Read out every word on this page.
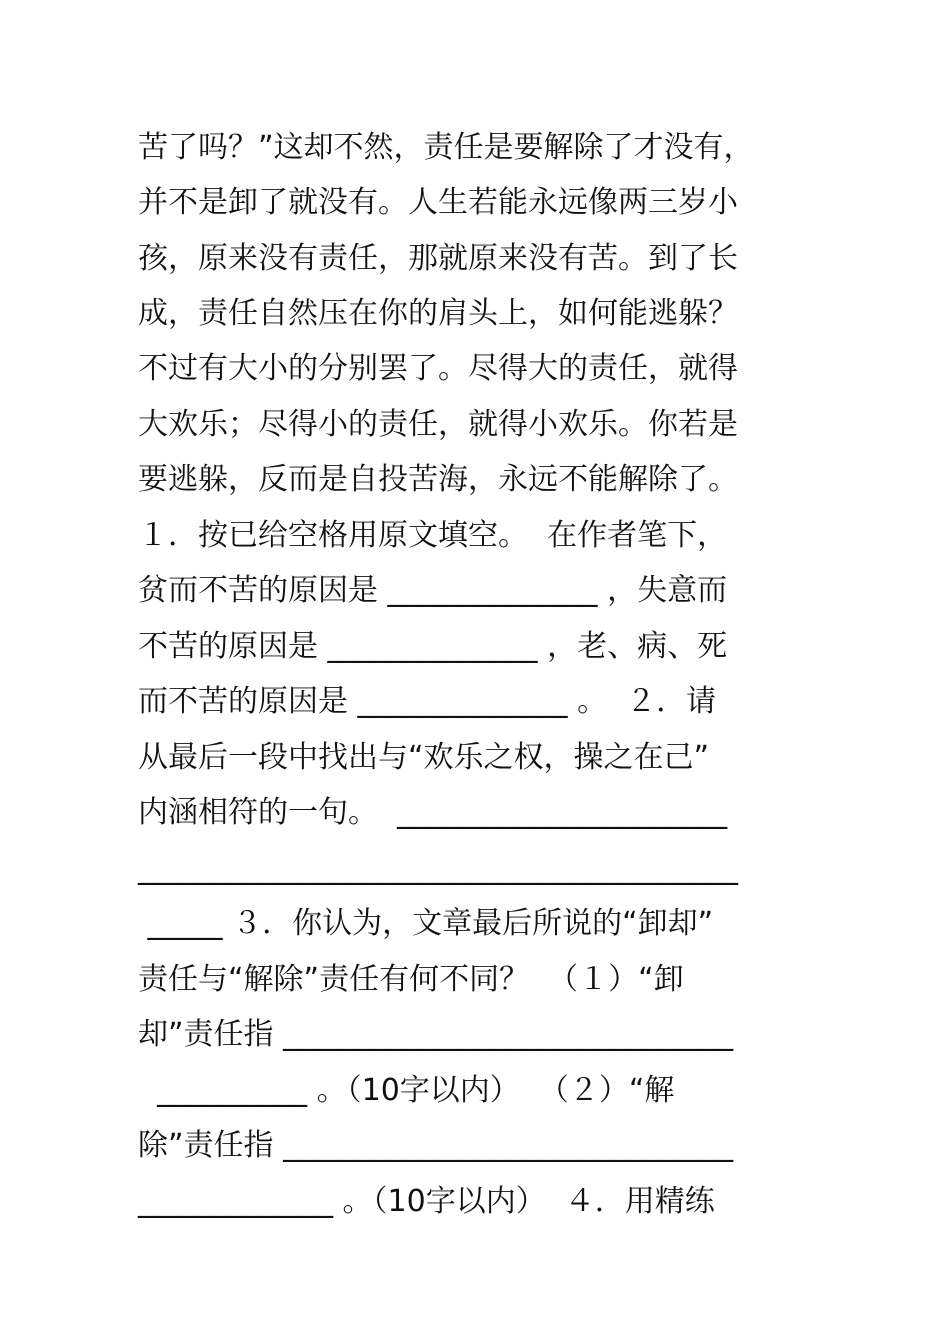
苦了吗？”这却不然，责任是要解除了才没有，
并不是卸了就没有。人生若能永远像两三岁小
孩，原来没有责任，那就原来没有苦。到了长
成，责任自然压在你的肩头上，如何能逃躲？
不过有大小的分别罢了。尽得大的责任，就得
大欢乐；尽得小的责任，就得小欢乐。你若是
要逃躲，反而是自投苦海，永远不能解除了。
１．按已给空格用原文填空。  在作者笔下，
贫而不苦的原因是 ______________ ，失意而
不苦的原因是 ______________ ，老、病、死
而不苦的原因是 ______________ 。  ２．请
从最后一段中找出与“欢乐之权，操之在己”
内涵相符的一句。  ______________________
________________________________________
_____ ３．你认为，文章最后所说的“卸却”
责任与“解除”责任有何不同？  （１）“卸
却”责任指 ______________________________
__________ 。（10字以内）  （２）“解
除”责任指 ______________________________
_____________ 。（10字以内）  ４．用精练
